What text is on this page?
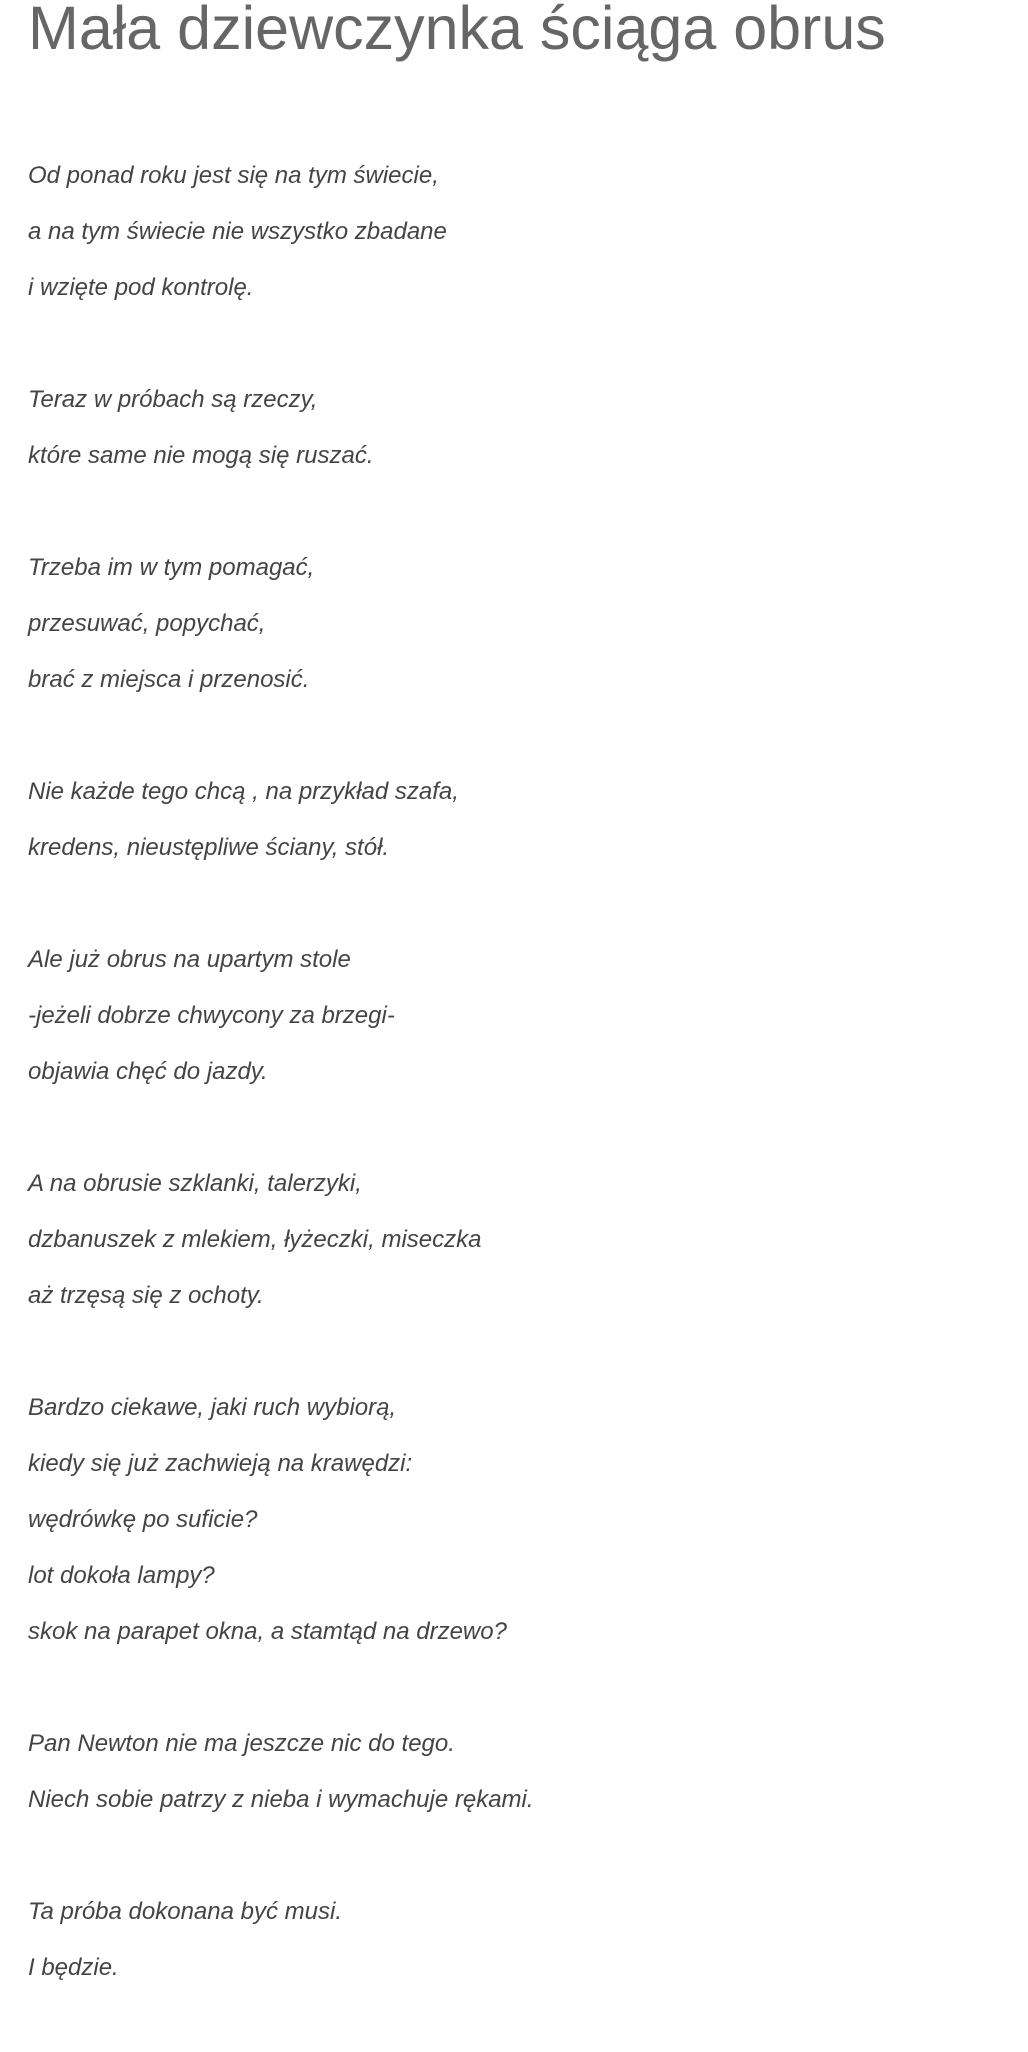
Mała dziewczynka ściąga obrus
Od ponad roku jest się na tym świecie,
a na tym świecie nie wszystko zbadane
i wzięte pod kontrolę.
Teraz w próbach są rzeczy,
które same nie mogą się ruszać.
Trzeba im w tym pomagać,
przesuwać, popychać,
brać z miejsca i przenosić.
Nie każde tego chcą , na przykład szafa,
kredens, nieustępliwe ściany, stół.
Ale już obrus na upartym stole
-jeżeli dobrze chwycony za brzegi-
objawia chęć do jazdy.
A na obrusie szklanki, talerzyki,
dzbanuszek z mlekiem, łyżeczki, miseczka
aż trzęsą się z ochoty.
Bardzo ciekawe, jaki ruch wybiorą,
kiedy się już zachwieją na krawędzi:
wędrówkę po suficie?
lot dokoła lampy?
skok na parapet okna, a stamtąd na drzewo?
Pan Newton nie ma jeszcze nic do tego.
Niech sobie patrzy z nieba i wymachuje rękami.
Ta próba dokonana być musi.
I będzie.
